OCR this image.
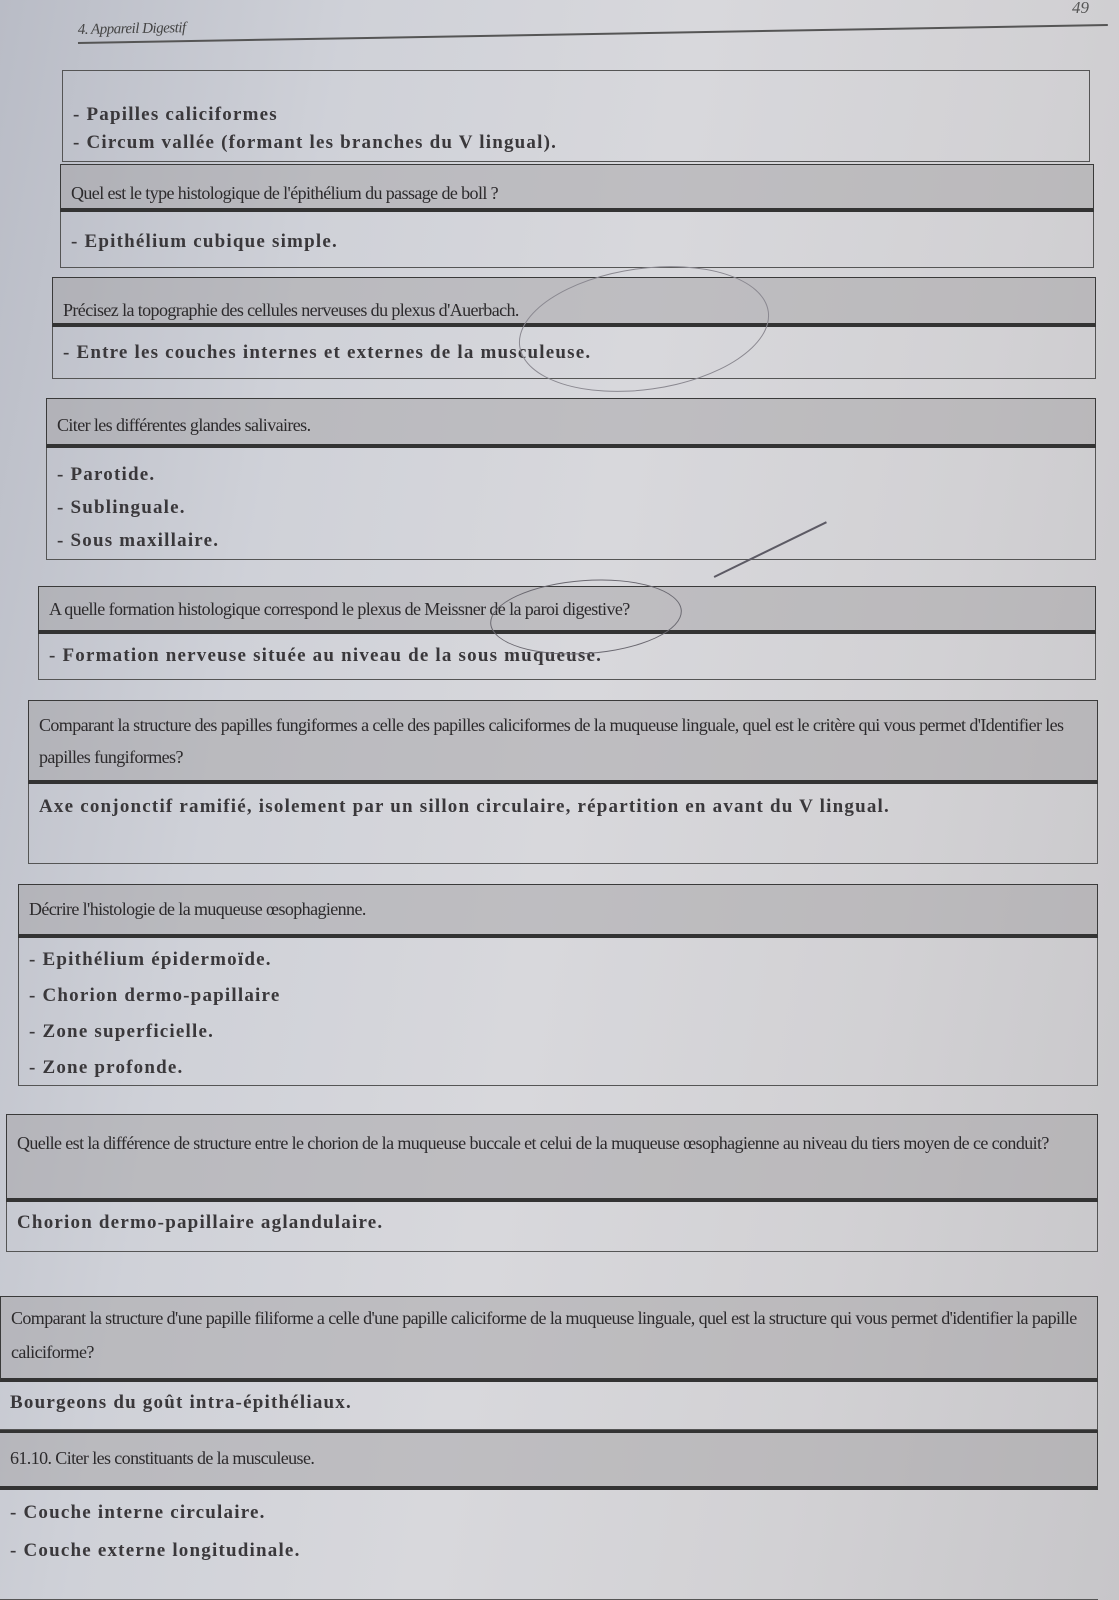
49
4. Appareil Digestif
- Papilles caliciformes
- Circum vallée (formant les branches du V lingual).
Quel est le type histologique de l'épithélium du passage de boll ?
- Epithélium cubique simple.
Précisez la topographie des cellules nerveuses du plexus d'Auerbach.
- Entre les couches internes et externes de la musculeuse.
Citer les différentes glandes salivaires.
- Parotide.
- Sublinguale.
- Sous maxillaire.
A quelle formation histologique correspond le plexus de Meissner de la paroi digestive?
- Formation nerveuse située au niveau de la sous muqueuse.
Comparant la structure des papilles fungiformes a celle des papilles caliciformes de la muqueuse linguale, quel est le critère qui vous permet d'Identifier les papilles fungiformes?
Axe conjonctif ramifié, isolement par un sillon circulaire, répartition en avant du V lingual.
Décrire l'histologie de la muqueuse œsophagienne.
- Epithélium épidermoïde.
- Chorion dermo-papillaire
- Zone superficielle.
- Zone profonde.
Quelle est la différence de structure entre le chorion de la muqueuse buccale et celui de la muqueuse œsophagienne au niveau du tiers moyen de ce conduit?
Chorion dermo-papillaire aglandulaire.
Comparant la structure d'une papille filiforme a celle d'une papille caliciforme de la muqueuse linguale, quel est la structure qui vous permet d'identifier la papille caliciforme?
Bourgeons du goût intra-épithéliaux.
61.10. Citer les constituants de la musculeuse.
- Couche interne circulaire.
- Couche externe longitudinale.
